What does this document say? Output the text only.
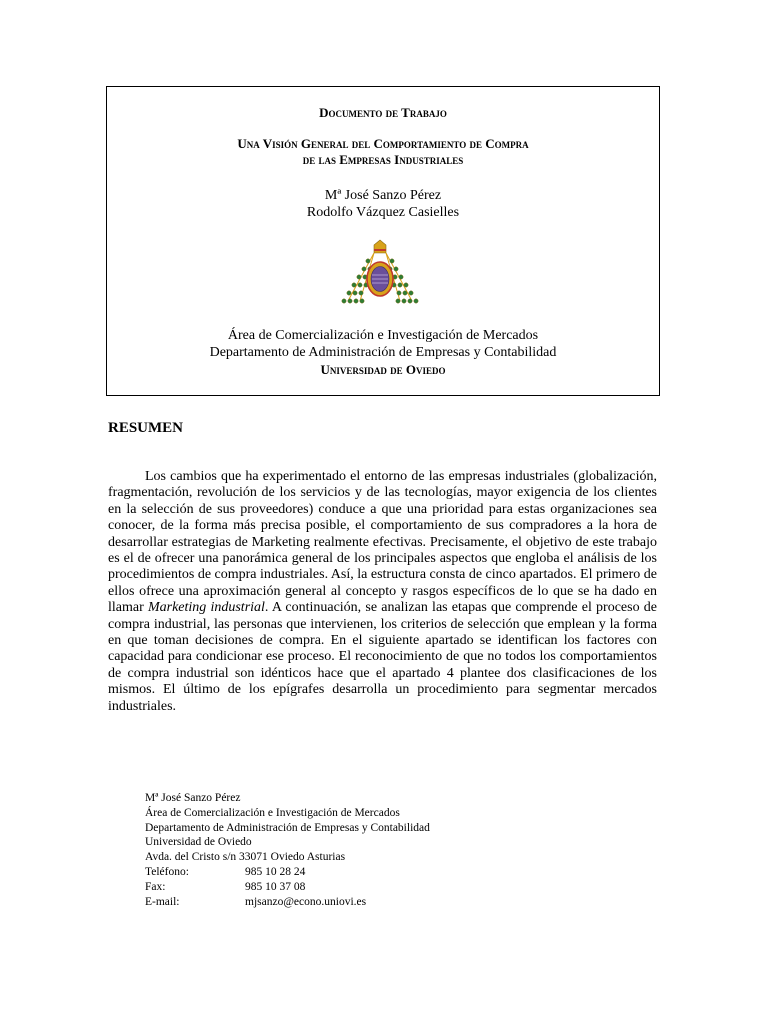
Documento de Trabajo
Una Visión General del Comportamiento de Compra
de las Empresas Industriales
Mª José Sanzo Pérez
Rodolfo Vázquez Casielles
Área de Comercialización e Investigación de Mercados
Departamento de Administración de Empresas y Contabilidad
Universidad de Oviedo
RESUMEN

Los cambios que ha experimentado el entorno de las empresas industriales (globalización, fragmentación, revolución de los servicios y de las tecnologías, mayor exigencia de los clientes en la selección de sus proveedores) conduce a que una prioridad para estas organizaciones sea conocer, de la forma más precisa posible, el comportamiento de sus compradores a la hora de desarrollar estrategias de Marketing realmente efectivas. Precisamente, el objetivo de este trabajo es el de ofrecer una panorámica general de los principales aspectos que engloba el análisis de los procedimientos de compra industriales. Así, la estructura consta de cinco apartados. El primero de ellos ofrece una aproximación general al concepto y rasgos específicos de lo que se ha dado en llamar Marketing industrial. A continuación, se analizan las etapas que comprende el proceso de compra industrial, las personas que intervienen, los criterios de selección que emplean y la forma en que toman decisiones de compra. En el siguiente apartado se identifican los factores con capacidad para condicionar ese proceso. El reconocimiento de que no todos los comportamientos de compra industrial son idénticos hace que el apartado 4 plantee dos clasificaciones de los mismos. El último de los epígrafes desarrolla un procedimiento para segmentar mercados industriales.

Mª José Sanzo Pérez
Área de Comercialización e Investigación de Mercados
Departamento de Administración de Empresas y Contabilidad
Universidad de Oviedo
Avda. del Cristo s/n 33071 Oviedo Asturias
Teléfono:	985 10 28 24
Fax:	985 10 37 08
E-mail:	mjsanzo@econo.uniovi.es
